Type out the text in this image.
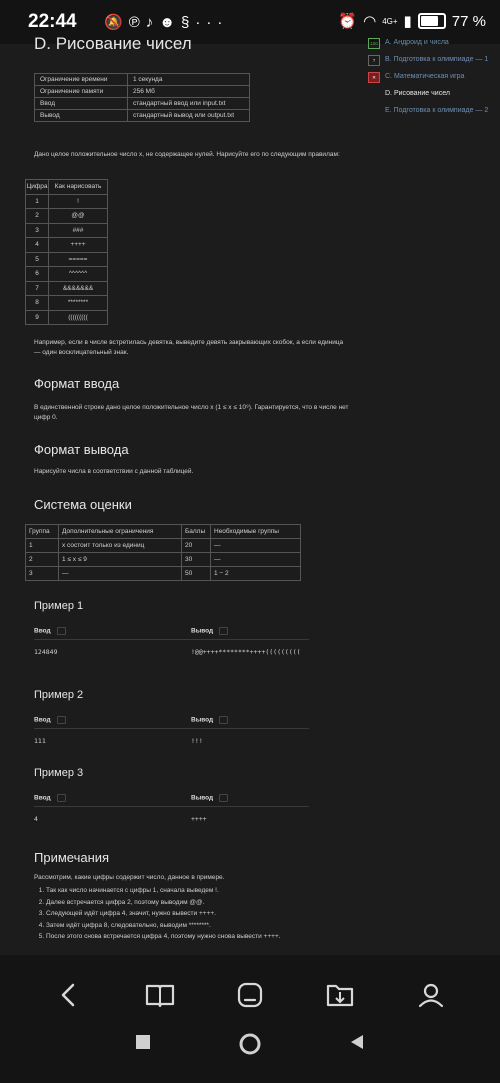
22:44 🔕℗♪☻§···	⏰ ◠ 4G+ ▮	77 %
D. Рисование чисел
Ограничение времени	1 секунда
Ограничение памяти	256 Мб
Ввод	стандартный ввод или input.txt
Вывод	стандартный вывод или output.txt
Дано целое положительное число x, не содержащее нулей. Нарисуйте его по следующим правилам:
Цифра	Как нарисовать
1	!
2	@@
3	###
4	++++
5	=====
6	^^^^^^
7	&&&&&&&
8	********
9	(((((((((
Например, если в числе встретилась девятка, выведите девять закрывающих скобок, а если единица — один восклицательный знак.
Формат ввода
В единственной строке дано целое положительное число x (1 ≤ x ≤ 10⁹). Гарантируется, что в числе нет цифр 0.
Формат вывода
Нарисуйте числа в соответствии с данной таблицей.
Система оценки
Группа	Дополнительные ограничения	Баллы	Необходимые группы
1	x состоит только из единиц	20	—
2	1 ≤ x ≤ 9	30	—
3	—	50	1 − 2
Пример 1
Ввод	Вывод
124849	!@@++++********++++(((((((((
Пример 2
Ввод	Вывод
111	!!!
Пример 3
Ввод	Вывод
4	++++
Примечания
Рассмотрим, какие цифры содержит число, данное в примере.
1. Так как число начинается с цифры 1, сначала выведем !.
2. Далее встречается цифра 2, поэтому выводим @@.
3. Следующей идёт цифра 4, значит, нужно вывести ++++.
4. Затем идёт цифра 8, следовательно, выводим ********.
5. После этого снова встречается цифра 4, поэтому нужно снова вывести ++++.
100	A. Андроид и числа
?	B. Подготовка к олимпиаде — 1
✕	C. Математическая игра
D. Рисование чисел
E. Подготовка к олимпиаде — 2
